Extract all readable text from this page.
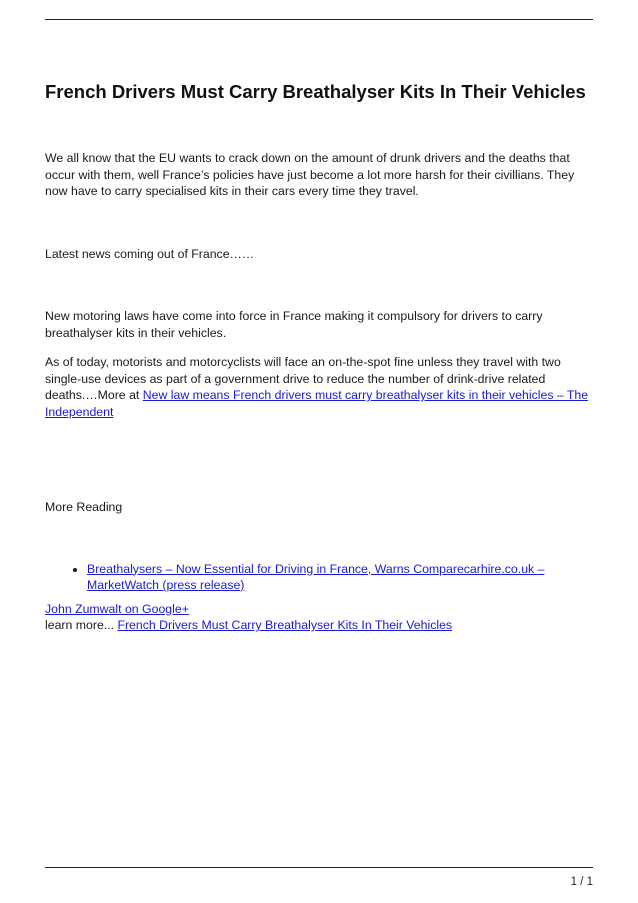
French Drivers Must Carry Breathalyser Kits In Their Vehicles

We all know that the EU wants to crack down on the amount of drunk drivers and the deaths that occur with them, well France’s policies have just become a lot more harsh for their civillians. They now have to carry specialised kits in their cars every time they travel.

Latest news coming out of France……

New motoring laws have come into force in France making it compulsory for drivers to carry breathalyser kits in their vehicles.

As of today, motorists and motorcyclists will face an on-the-spot fine unless they travel with two single-use devices as part of a government drive to reduce the number of drink-drive related deaths.…More at New law means French drivers must carry breathalyser kits in their vehicles – The Independent

More Reading

• Breathalysers – Now Essential for Driving in France, Warns Comparecarhire.co.uk – MarketWatch (press release)

John Zumwalt on Google+

learn more... French Drivers Must Carry Breathalyser Kits In Their Vehicles

1 / 1
